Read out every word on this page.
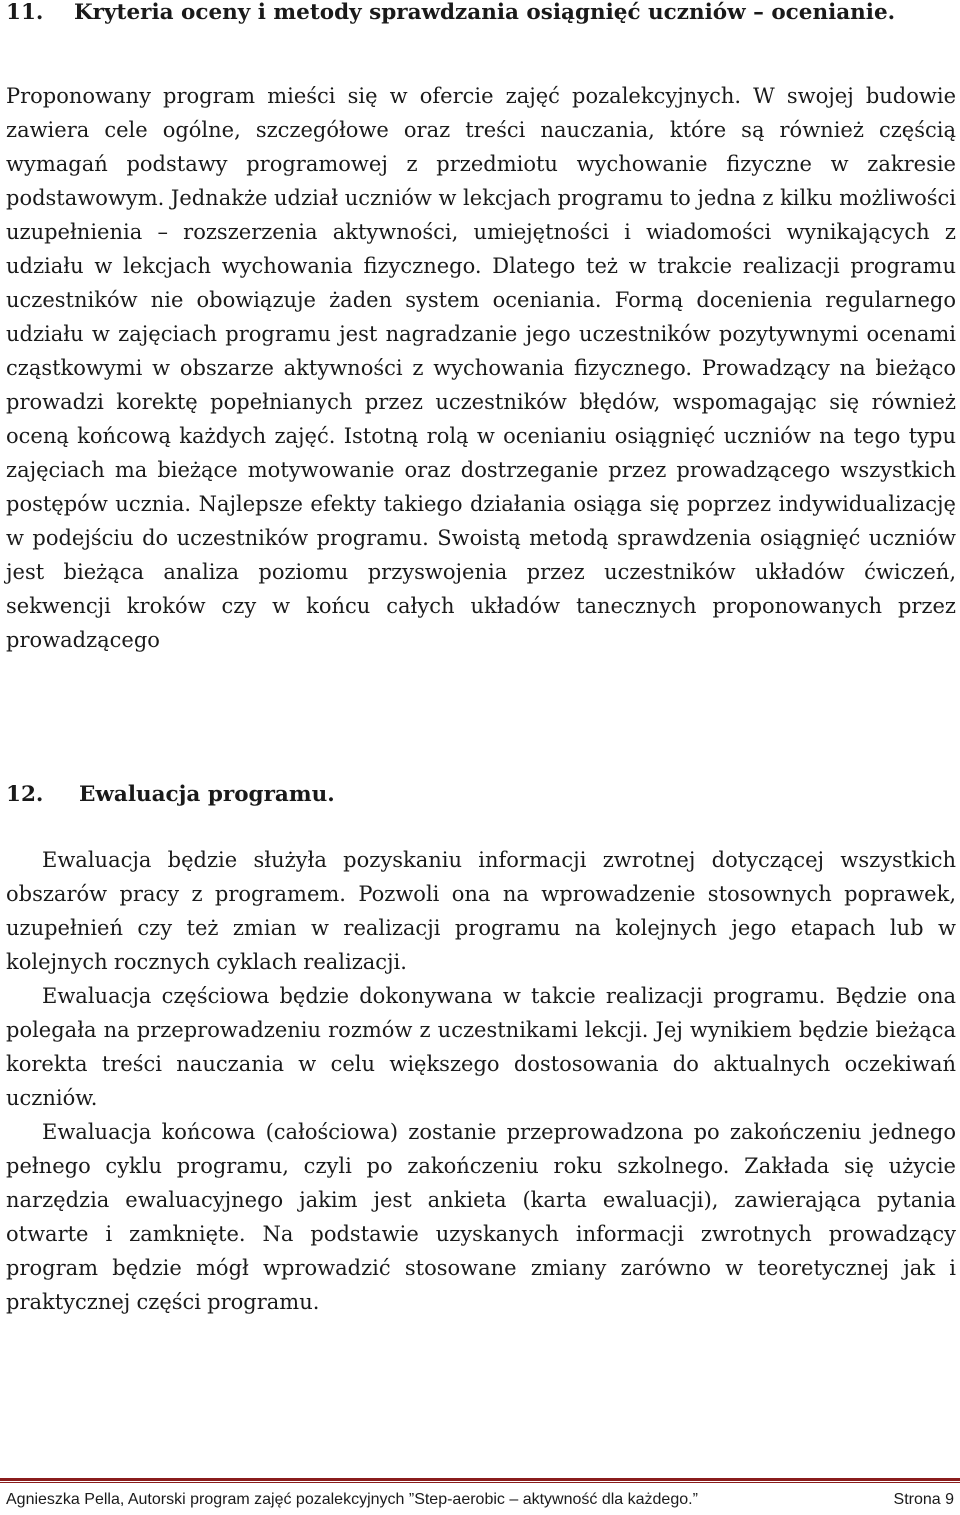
11. Kryteria oceny i metody sprawdzania osiągnięć uczniów – ocenianie.

Proponowany program mieści się w ofercie zajęć pozalekcyjnych. W swojej budowie zawiera cele ogólne, szczegółowe oraz treści nauczania, które są również częścią wymagań podstawy programowej z przedmiotu wychowanie fizyczne w zakresie podstawowym. Jednakże udział uczniów w lekcjach programu to jedna z kilku możliwości uzupełnienia – rozszerzenia aktywności, umiejętności i wiadomości wynikających z udziału w lekcjach wychowania fizycznego. Dlatego też w trakcie realizacji programu uczestników nie obowiązuje żaden system oceniania. Formą docenienia regularnego udziału w zajęciach programu jest nagradzanie jego uczestników pozytywnymi ocenami cząstkowymi w obszarze aktywności z wychowania fizycznego. Prowadzący na bieżąco prowadzi korektę popełnianych przez uczestników błędów, wspomagając się również oceną końcową każdych zajęć. Istotną rolą w ocenianiu osiągnięć uczniów na tego typu zajęciach ma bieżące motywowanie oraz dostrzeganie przez prowadzącego wszystkich postępów ucznia. Najlepsze efekty takiego działania osiąga się poprzez indywidualizację w podejściu do uczestników programu. Swoistą metodą sprawdzenia osiągnięć uczniów jest bieżąca analiza poziomu przyswojenia przez uczestników układów ćwiczeń, sekwencji kroków czy w końcu całych układów tanecznych proponowanych przez prowadzącego

12. Ewaluacja programu.

Ewaluacja będzie służyła pozyskaniu informacji zwrotnej dotyczącej wszystkich obszarów pracy z programem. Pozwoli ona na wprowadzenie stosownych poprawek, uzupełnień czy też zmian w realizacji programu na kolejnych jego etapach lub w kolejnych rocznych cyklach realizacji.

Ewaluacja częściowa będzie dokonywana w takcie realizacji programu. Będzie ona polegała na przeprowadzeniu rozmów z uczestnikami lekcji. Jej wynikiem będzie bieżąca korekta treści nauczania w celu większego dostosowania do aktualnych oczekiwań uczniów.

Ewaluacja końcowa (całościowa) zostanie przeprowadzona po zakończeniu jednego pełnego cyklu programu, czyli po zakończeniu roku szkolnego. Zakłada się użycie narzędzia ewaluacyjnego jakim jest ankieta (karta ewaluacji), zawierająca pytania otwarte i zamknięte. Na podstawie uzyskanych informacji zwrotnych prowadzący program będzie mógł wprowadzić stosowane zmiany zarówno w teoretycznej jak i praktycznej części programu.

Agnieszka Pella, Autorski program zajęć pozalekcyjnych ”Step-aerobic – aktywność dla każdego.”	Strona 9
